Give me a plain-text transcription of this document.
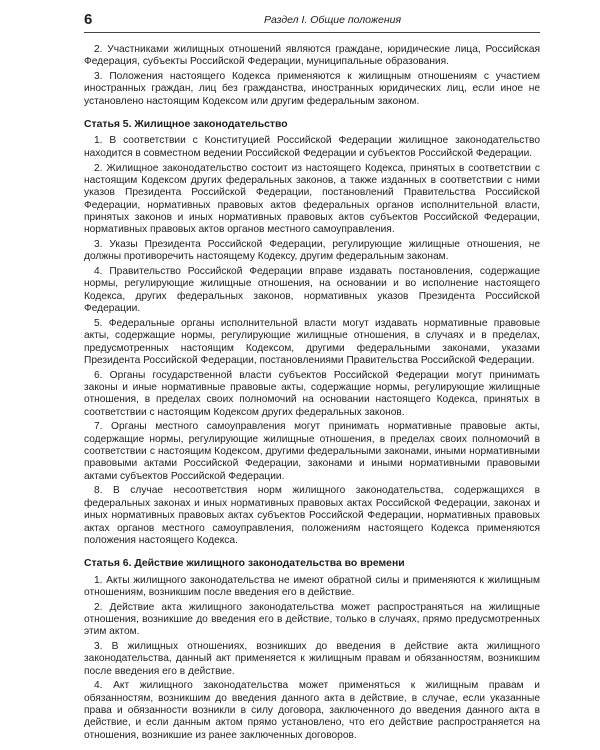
6	Раздел I. Общие положения

2. Участниками жилищных отношений являются граждане, юридические лица, Российская Федерация, субъекты Российской Федерации, муниципальные образования.

3. Положения настоящего Кодекса применяются к жилищным отношениям с участием иностранных граждан, лиц без гражданства, иностранных юридических лиц, если иное не установлено настоящим Кодексом или другим федеральным законом.

Статья 5. Жилищное законодательство

1. В соответствии с Конституцией Российской Федерации жилищное законодательство находится в совместном ведении Российской Федерации и субъектов Российской Федерации.

2. Жилищное законодательство состоит из настоящего Кодекса, принятых в соответствии с настоящим Кодексом других федеральных законов, а также изданных в соответствии с ними указов Президента Российской Федерации, постановлений Правительства Российской Федерации, нормативных правовых актов федеральных органов исполнительной власти, принятых законов и иных нормативных правовых актов субъектов Российской Федерации, нормативных правовых актов органов местного самоуправления.

3. Указы Президента Российской Федерации, регулирующие жилищные отношения, не должны противоречить настоящему Кодексу, другим федеральным законам.

4. Правительство Российской Федерации вправе издавать постановления, содержащие нормы, регулирующие жилищные отношения, на основании и во исполнение настоящего Кодекса, других федеральных законов, нормативных указов Президента Российской Федерации.

5. Федеральные органы исполнительной власти могут издавать нормативные правовые акты, содержащие нормы, регулирующие жилищные отношения, в случаях и в пределах, предусмотренных настоящим Кодексом, другими федеральными законами, указами Президента Российской Федерации, постановлениями Правительства Российской Федерации.

6. Органы государственной власти субъектов Российской Федерации могут принимать законы и иные нормативные правовые акты, содержащие нормы, регулирующие жилищные отношения, в пределах своих полномочий на основании настоящего Кодекса, принятых в соответствии с настоящим Кодексом других федеральных законов.

7. Органы местного самоуправления могут принимать нормативные правовые акты, содержащие нормы, регулирующие жилищные отношения, в пределах своих полномочий в соответствии с настоящим Кодексом, другими федеральными законами, иными нормативными правовыми актами Российской Федерации, законами и иными нормативными правовыми актами субъектов Российской Федерации.

8. В случае несоответствия норм жилищного законодательства, содержащихся в федеральных законах и иных нормативных правовых актах Российской Федерации, законах и иных нормативных правовых актах субъектов Российской Федерации, нормативных правовых актах органов местного самоуправления, положениям настоящего Кодекса применяются положения настоящего Кодекса.

Статья 6. Действие жилищного законодательства во времени

1. Акты жилищного законодательства не имеют обратной силы и применяются к жилищным отношениям, возникшим после введения его в действие.

2. Действие акта жилищного законодательства может распространяться на жилищные отношения, возникшие до введения его в действие, только в случаях, прямо предусмотренных этим актом.

3. В жилищных отношениях, возникших до введения в действие акта жилищного законодательства, данный акт применяется к жилищным правам и обязанностям, возникшим после введения его в действие.

4. Акт жилищного законодательства может применяться к жилищным правам и обязанностям, возникшим до введения данного акта в действие, в случае, если указанные права и обязанности возникли в силу договора, заключенного до введения данного акта в действие, и если данным актом прямо установлено, что его действие распространяется на отношения, возникшие из ранее заключенных договоров.
